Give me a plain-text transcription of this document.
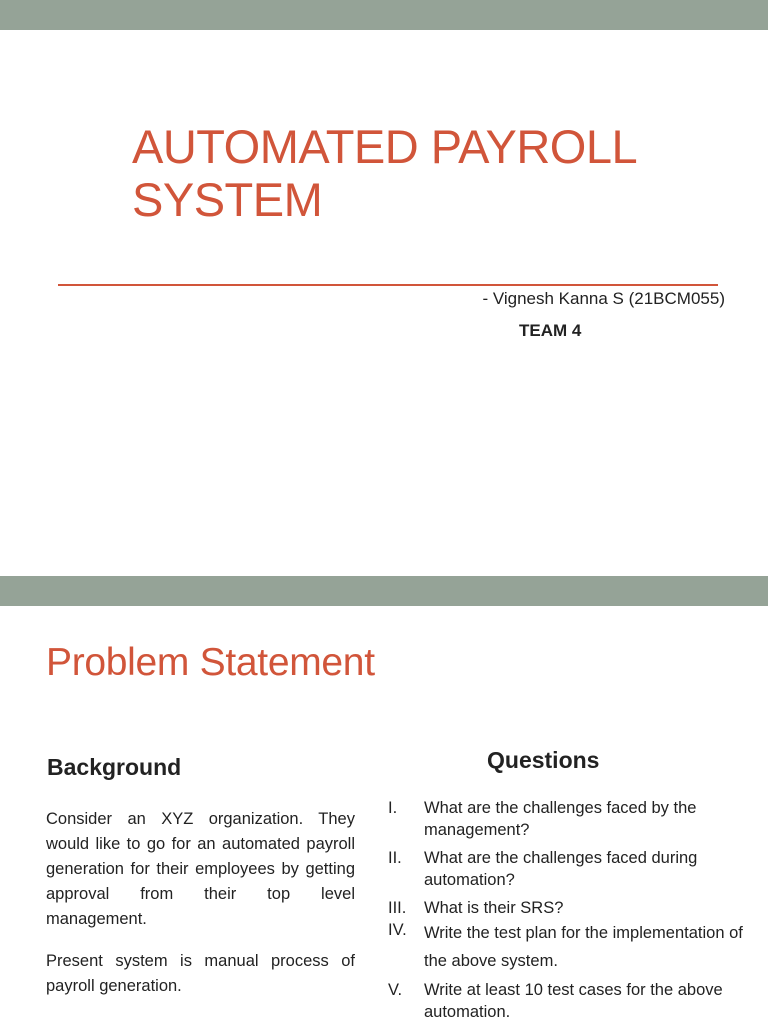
AUTOMATED PAYROLL
SYSTEM
- Vignesh Kanna S (21BCM055)
TEAM 4
Problem Statement
Background

Consider an XYZ organization. They would like to go for an automated payroll generation for their employees by getting approval from their top level management.

Present system is manual process of payroll generation.

Questions
I.	What are the challenges faced by the management?
II.	What are the challenges faced during automation?
III.	What is their SRS?
IV.	Write the test plan for the implementation of the above system.
V.	Write at least 10 test cases for the above automation.
